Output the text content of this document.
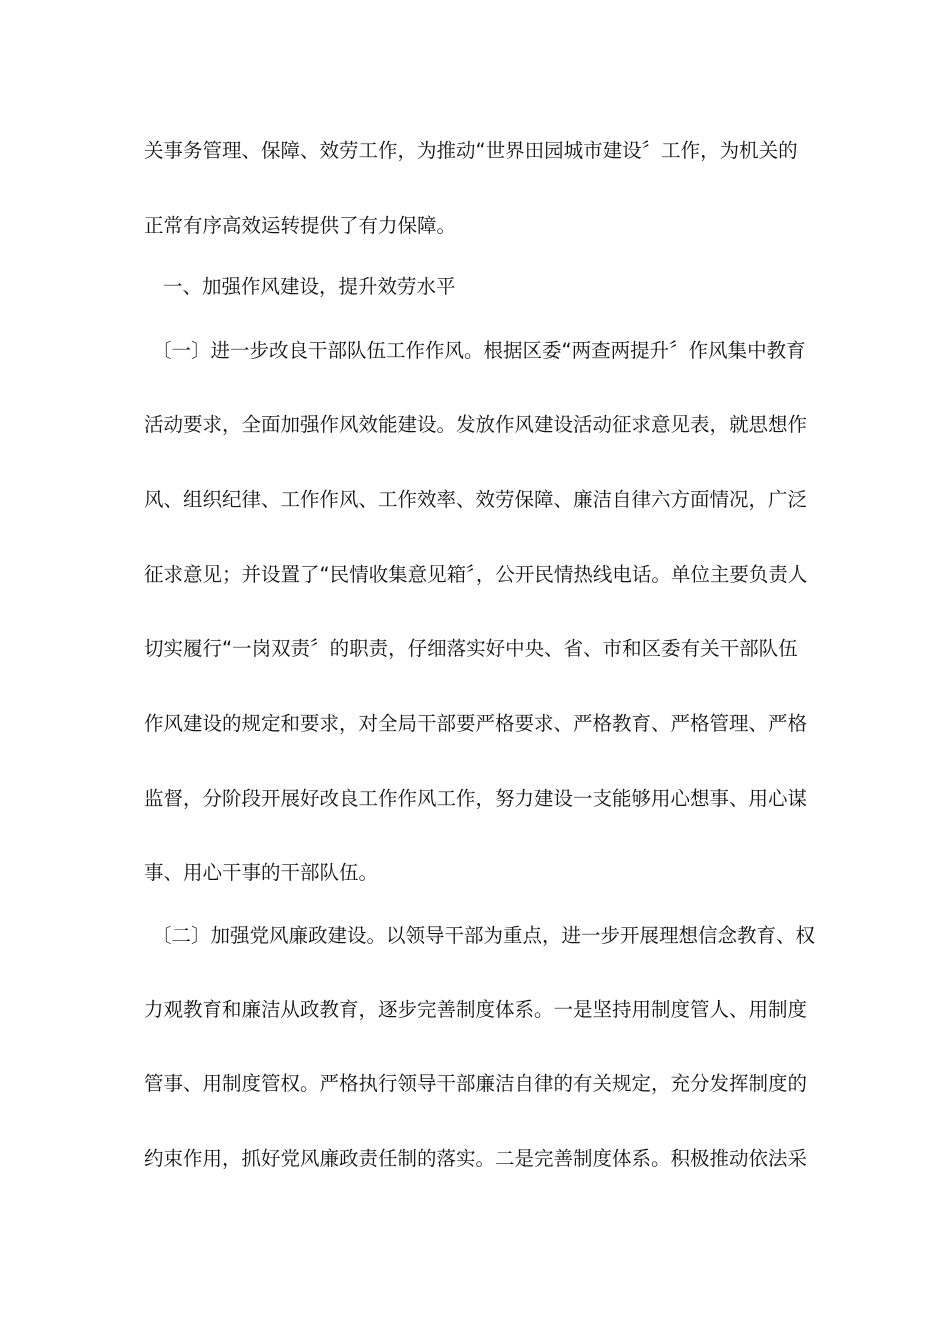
关事务管理、保障、效劳工作，为推动“世界田园城市建设〞工作，为机关的
正常有序高效运转提供了有力保障。
一、加强作风建设，提升效劳水平
〔一〕进一步改良干部队伍工作作风。根据区委“两查两提升〞作风集中教育
活动要求，全面加强作风效能建设。发放作风建设活动征求意见表，就思想作
风、组织纪律、工作作风、工作效率、效劳保障、廉洁自律六方面情况，广泛
征求意见；并设置了“民情收集意见箱〞，公开民情热线电话。单位主要负责人
切实履行“一岗双责〞的职责，仔细落实好中央、省、市和区委有关干部队伍
作风建设的规定和要求，对全局干部要严格要求、严格教育、严格管理、严格
监督，分阶段开展好改良工作作风工作，努力建设一支能够用心想事、用心谋
事、用心干事的干部队伍。
〔二〕加强党风廉政建设。以领导干部为重点，进一步开展理想信念教育、权
力观教育和廉洁从政教育，逐步完善制度体系。一是坚持用制度管人、用制度
管事、用制度管权。严格执行领导干部廉洁自律的有关规定，充分发挥制度的
约束作用，抓好党风廉政责任制的落实。二是完善制度体系。积极推动依法采
